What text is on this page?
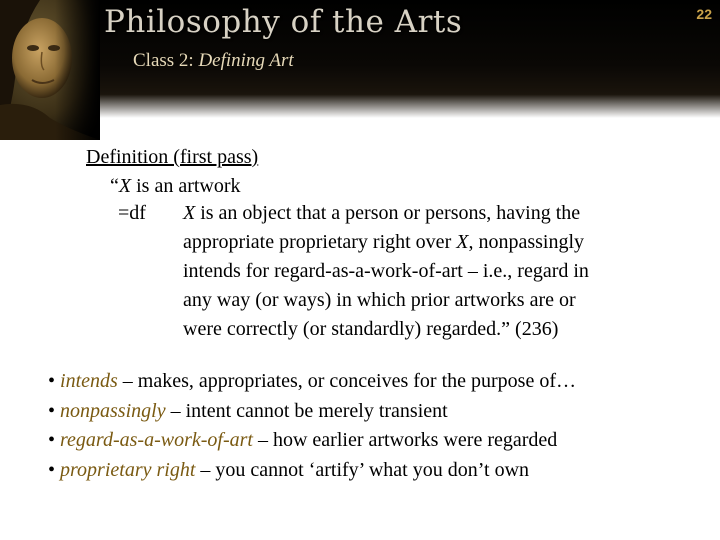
Philosophy of the Arts	22
Class 2: Defining Art
Definition (first pass)
“X is an artwork
=df X is an object that a person or persons, having the
appropriate proprietary right over X, nonpassingly
intends for regard-as-a-work-of-art – i.e., regard in
any way (or ways) in which prior artworks are or
were correctly (or standardly) regarded.” (236)
• intends – makes, appropriates, or conceives for the purpose of…
• nonpassingly – intent cannot be merely transient
• regard-as-a-work-of-art – how earlier artworks were regarded
• proprietary right – you cannot ‘artify’ what you don’t own
